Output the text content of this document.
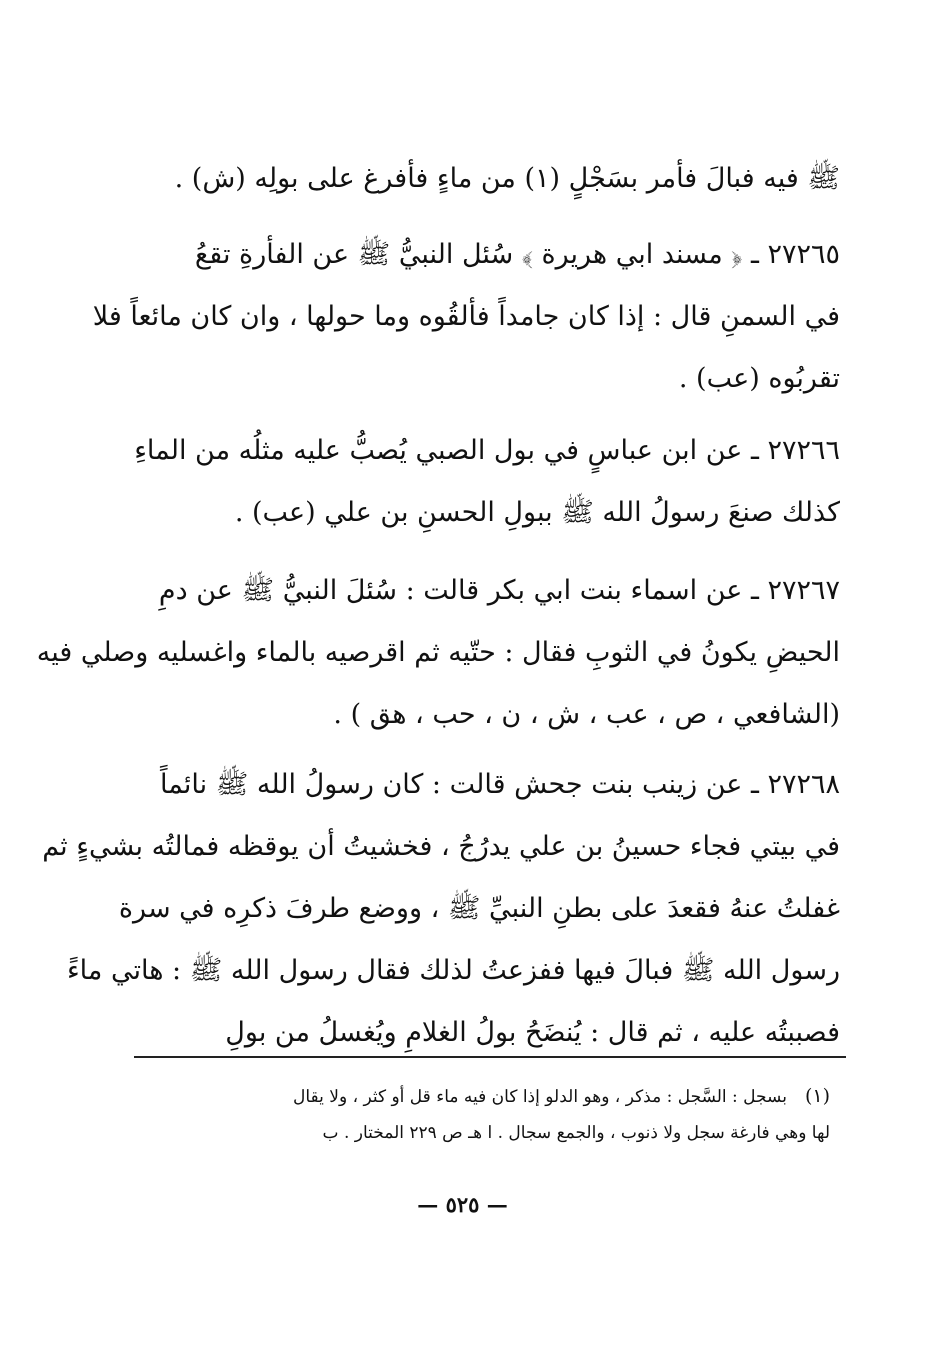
ﷺ فيه فبالَ فأمر بسَجْلٍ (١) من ماءٍ فأفرغ على بولِه (ش) .
٢٧٢٦٥ ـ ﴿ مسند ابي هريرة ﴾ سُئل النبيُّ ﷺ عن الفأرةِ تقعُ
في السمنِ قال : إذا كان جامداً فألقُوه وما حولها ، وان كان مائعاً فلا
تقربُوه (عب) .
٢٧٢٦٦ ـ عن ابن عباسٍ في بول الصبي يُصبُّ عليه مثلُه من الماءِ
كذلك صنعَ رسولُ الله ﷺ ببولِ الحسنِ بن علي (عب) .
٢٧٢٦٧ ـ عن اسماء بنت ابي بكر قالت : سُئلَ النبيُّ ﷺ عن دمِ
الحيضِ يكونُ في الثوبِ فقال : حتّيه ثم اقرصيه بالماء واغسليه وصلي فيه
(الشافعي ، ص ، عب ، ش ، ن ، حب ، هق ) .
٢٧٢٦٨ ـ عن زينب بنت جحش قالت : كان رسولُ الله ﷺ نائماً
في بيتي فجاء حسينُ بن علي يدرُجُ ، فخشيتُ أن يوقظه فمالتُه بشيءٍ ثم
غفلتُ عنهُ فقعدَ على بطنِ النبيِّ ﷺ ، ووضع طرفَ ذكرِه في سرة
رسول الله ﷺ فبالَ فيها ففزعتُ لذلك فقال رسول الله ﷺ : هاتي ماءً
فصببتُه عليه ، ثم قال : يُنضَحُ بولُ الغلامِ ويُغسلُ من بولِ
(١)بسجل : السَّجل : مذكر ، وهو الدلو إذا كان فيه ماء قل أو كثر ، ولا يقال
لها وهي فارغة سجل ولا ذنوب ، والجمع سجال . ا هـ ص ٢٢٩ المختار . ب
— ٥٢٥ —
